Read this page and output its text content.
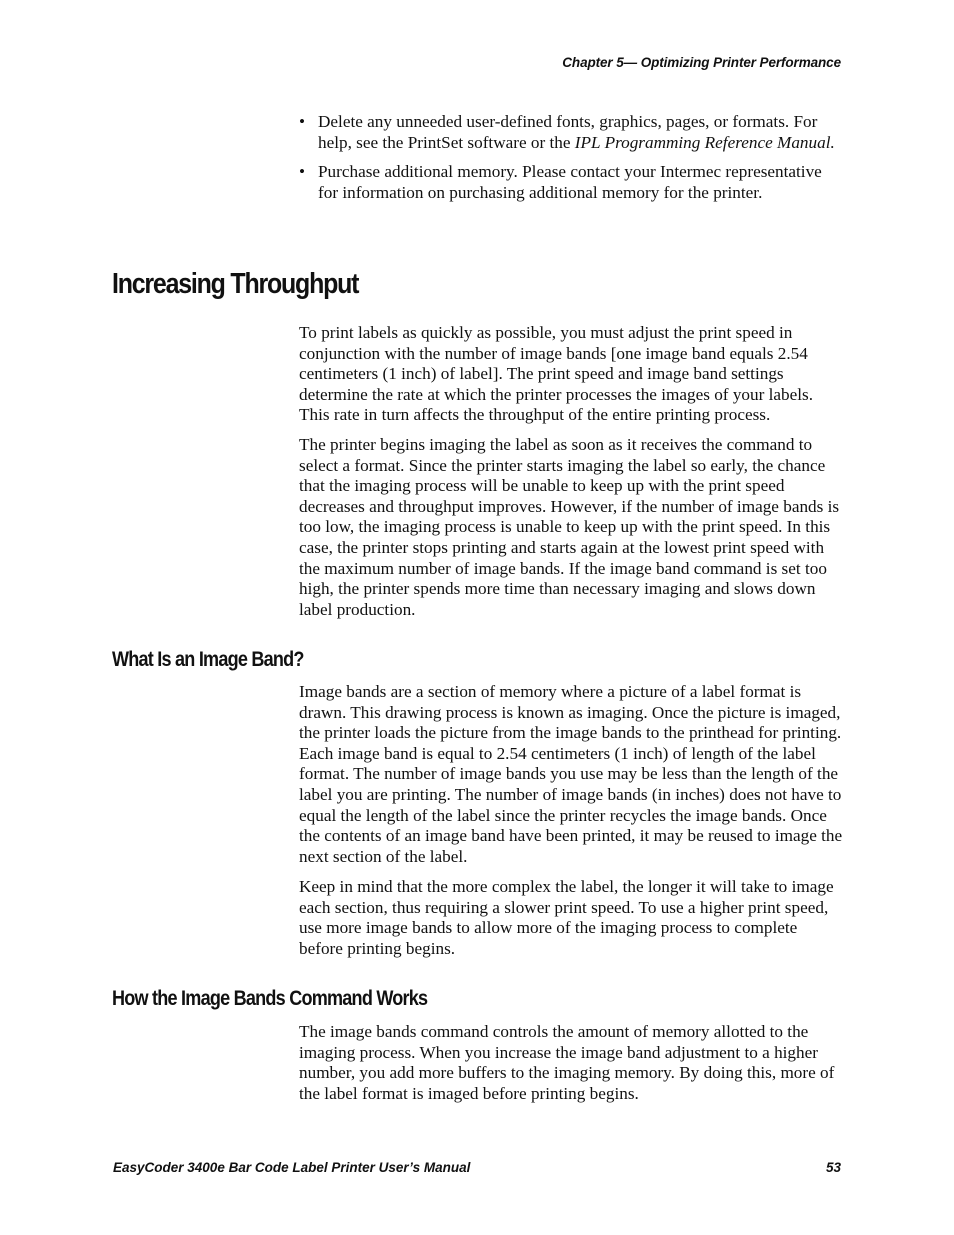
Chapter 5— Optimizing Printer Performance
• Delete any unneeded user-defined fonts, graphics, pages, or formats. For help, see the PrintSet software or the IPL Programming Reference Manual.
• Purchase additional memory. Please contact your Intermec representative for information on purchasing additional memory for the printer.
Increasing Throughput

To print labels as quickly as possible, you must adjust the print speed in conjunction with the number of image bands [one image band equals 2.54 centimeters (1 inch) of label]. The print speed and image band settings determine the rate at which the printer processes the images of your labels. This rate in turn affects the throughput of the entire printing process.

The printer begins imaging the label as soon as it receives the command to select a format. Since the printer starts imaging the label so early, the chance that the imaging process will be unable to keep up with the print speed decreases and throughput improves. However, if the number of image bands is too low, the imaging process is unable to keep up with the print speed. In this case, the printer stops printing and starts again at the lowest print speed with the maximum number of image bands. If the image band command is set too high, the printer spends more time than necessary imaging and slows down label production.

What Is an Image Band?

Image bands are a section of memory where a picture of a label format is drawn. This drawing process is known as imaging. Once the picture is imaged, the printer loads the picture from the image bands to the printhead for printing. Each image band is equal to 2.54 centimeters (1 inch) of length of the label format. The number of image bands you use may be less than the length of the label you are printing. The number of image bands (in inches) does not have to equal the length of the label since the printer recycles the image bands. Once the contents of an image band have been printed, it may be reused to image the next section of the label.

Keep in mind that the more complex the label, the longer it will take to image each section, thus requiring a slower print speed. To use a higher print speed, use more image bands to allow more of the imaging process to complete before printing begins.

How the Image Bands Command Works

The image bands command controls the amount of memory allotted to the imaging process. When you increase the image band adjustment to a higher number, you add more buffers to the imaging memory. By doing this, more of the label format is imaged before printing begins.

EasyCoder 3400e Bar Code Label Printer User’s Manual	53
